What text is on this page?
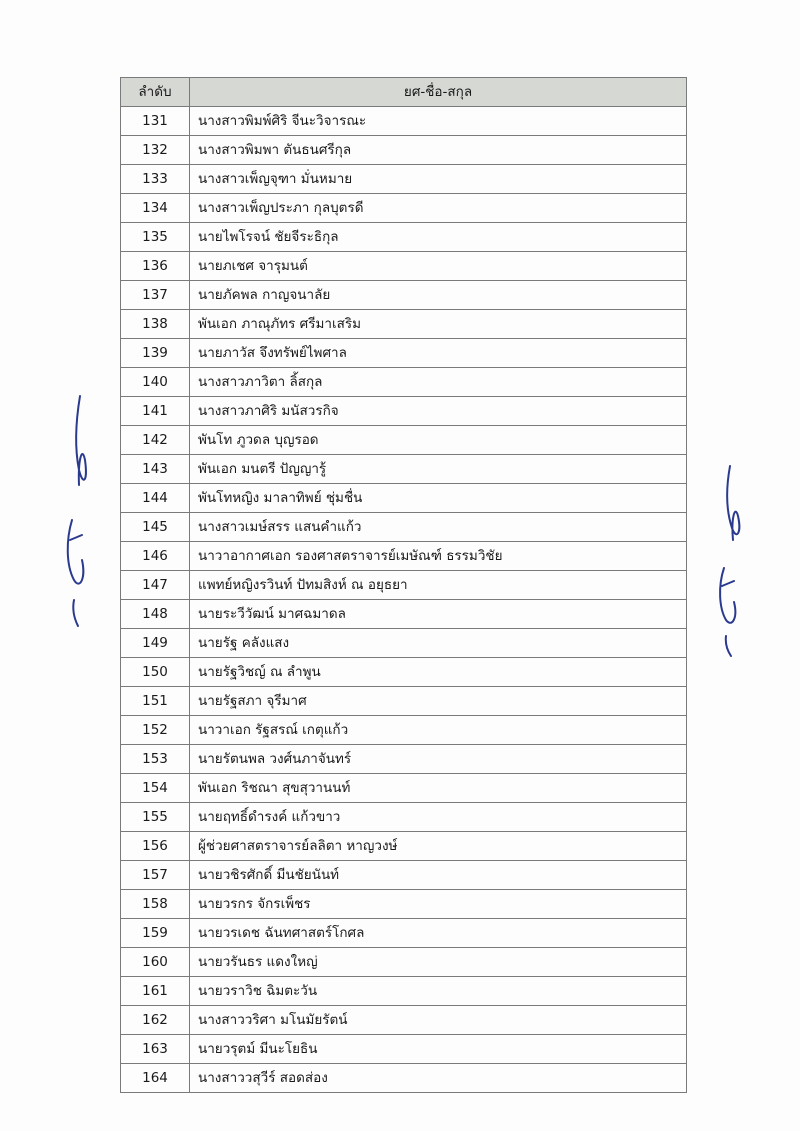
ลำดับ	ยศ-ชื่อ-สกุล
131	นางสาวพิมพ์ศิริ จีนะวิจารณะ
132	นางสาวพิมพา ตันธนศรีกุล
133	นางสาวเพ็ญจุฑา มั่นหมาย
134	นางสาวเพ็ญประภา กุลบุตรดี
135	นายไพโรจน์ ชัยจีระธิกุล
136	นายภเชศ จารุมนต์
137	นายภัคพล กาญจนาลัย
138	พันเอก ภาณุภัทร ศรีมาเสริม
139	นายภาวัส จึงทรัพย์ไพศาล
140	นางสาวภาวิตา ลิ้สกุล
141	นางสาวภาศิริ มนัสวรกิจ
142	พันโท ภูวดล บุญรอด
143	พันเอก มนตรี ปัญญารู้
144	พันโทหญิง มาลาทิพย์ ชุ่มชื่น
145	นางสาวเมษ์สรร แสนคำแก้ว
146	นาวาอากาศเอก รองศาสตราจารย์เมษัณฑ์ ธรรมวิชัย
147	แพทย์หญิงรวินท์ ปัทมสิงห์ ณ อยุธยา
148	นายระวีวัฒน์ มาศฉมาดล
149	นายรัฐ คลังแสง
150	นายรัฐวิชญ์ ณ ลำพูน
151	นายรัฐสภา จุรีมาศ
152	นาวาเอก รัฐสรณ์ เกตุแก้ว
153	นายรัตนพล วงศ์นภาจันทร์
154	พันเอก ริชณา สุขสุวานนท์
155	นายฤทธิ์ดำรงค์ แก้วขาว
156	ผู้ช่วยศาสตราจารย์ลลิตา หาญวงษ์
157	นายวชิรศักดิ์ มีนชัยนันท์
158	นายวรกร จักรเพ็ชร
159	นายวรเดช ฉันทศาสตร์โกศล
160	นายวรันธร แดงใหญ่
161	นายวราวิช ฉิมตะวัน
162	นางสาววริศา มโนมัยรัตน์
163	นายวรุตม์ มีนะโยธิน
164	นางสาววสุวีร์ สอดส่อง
